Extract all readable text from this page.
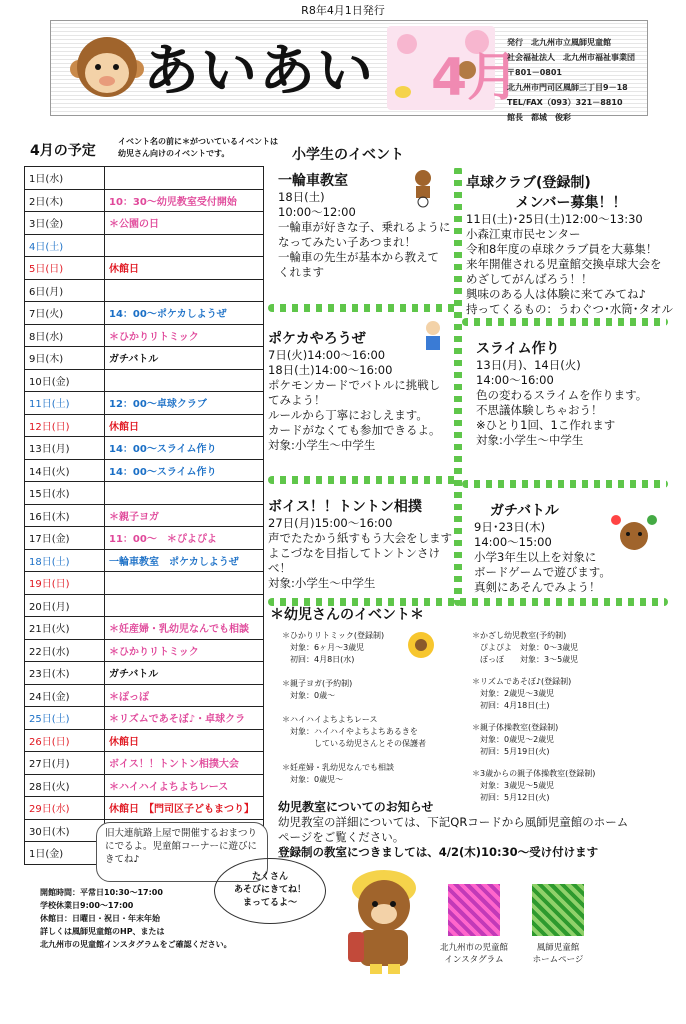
R8年4月1日発行
あいあい 4月
発行　北九州市立風師児童館
社会福祉法人　北九州市福祉事業団
〒801－0801
北九州市門司区風師三丁目9－18
TEL/FAX（093）321－8810
館長　都城　俊彩
4月の予定
イベント名の前に＊がついているイベントは幼児さん向けのイベントです。
1日(水)	
2日(木)	10：30～幼児教室受付開始
3日(金)	＊公園の日
4日(土)	
5日(日)	休館日
6日(月)	
7日(火)	14：00～ポケカしようぜ
8日(水)	＊ひかりリトミック
9日(木)	ガチバトル
10日(金)	
11日(土)	12：00～卓球クラブ
12日(日)	休館日
13日(月)	14：00～スライム作り
14日(火)	14：00～スライム作り
15日(水)	
16日(木)	＊親子ヨガ
17日(金)	11：00～　＊ぴよぴよ
18日(土)	一輪車教室　ポケカしようぜ
19日(日)	
20日(月)	
21日(火)	＊妊産婦・乳幼児なんでも相談
22日(水)	＊ひかりリトミック
23日(木)	ガチバトル
24日(金)	＊ぽっぽ
25日(土)	＊リズムであそぼ♪・卓球クラ
26日(日)	休館日
27日(月)	ボイス！！トントン相撲大会
28日(火)	＊ハイハイよちよちレース
29日(水)	休館日　【門司区子どもまつり】
30日(木)	
1日(金)	
旧大連航路上屋で開催するおまつりにでるよ。児童館コーナーに遊びにきてね♪
小学生のイベント
一輪車教室
18日(土)
10:00～12:00
一輪車が好きな子、乗れるように
なってみたい子あつまれ！
一輪車の先生が基本から教えて
くれます
ポケカやろうぜ
7日(火)14:00～16:00
18日(土)14:00～16:00
ポケモンカードでバトルに挑戦し
てみよう！
ルールから丁寧におしえます。
カードがなくても参加できるよ。
対象:小学生～中学生
ボイス！！トントン相撲
27日(月)15:00～16:00
声でたたかう紙すもう大会をします
よこづなを目指してトントンさけべ！
対象:小学生～中学生
卓球クラブ(登録制)
メンバー募集！！
11日(土)･25日(土)12:00～13:30
小森江東市民センター
令和8年度の卓球クラブ員を大募集！
来年開催される児童館交換卓球大会を
めざしてがんばろう！！
興味のある人は体験に来てみてね♪
持ってくるもの：うわぐつ･水筒･タオル
スライム作り
13日(月)、14日(火)
14:00～16:00
色の変わるスライムを作ります。
不思議体験しちゃおう！
※ひとり1回、1こ作れます
対象:小学生～中学生
ガチバトル
9日･23日(木)
14:00～15:00
小学3年生以上を対象に
ボードゲームで遊びます。
真剣にあそんでみよう！
＊幼児さんのイベント＊
＊ひかりリトミック(登録制)
　対象：6ヶ月～3歳児
　初回：4月8日(水)
＊親子ヨガ(予約制)
　対象：0歳～
＊ハイハイよちよちレース
　対象：ハイハイやよちよちあるきを
　　　　している幼児さんとその保護者
＊妊産婦・乳幼児なんでも相談
　対象：0歳児～
＊かざし幼児教室(予約制)
　ぴよぴよ　対象：0～3歳児
　ぽっぽ　　対象：3～5歳児
＊リズムであそぼ♪(登録制)
　対象：2歳児～3歳児
　初回：4月18日(土)
＊親子体操教室(登録制)
　対象：0歳児～2歳児
　初回：5月19日(火)
＊3歳からの親子体操教室(登録制)
　対象：3歳児～5歳児
　初回：5月12日(火)
幼児教室についてのお知らせ
幼児教室の詳細については、下記QRコードから風師児童館のホーム
ページをご覧ください。
登録制の教室につきましては、4/2(木)10:30～受け付けます
開館時間：平常日10:30～17:00
学校休業日9:00～17:00
休館日：日曜日・祝日・年末年始
詳しくは風師児童館のHP、または
北九州市の児童館インスタグラムをご確認ください。
たくさん
あそびにきてね！
まってるよ～
北九州市の児童館
インスタグラム
風師児童館
ホームページ
